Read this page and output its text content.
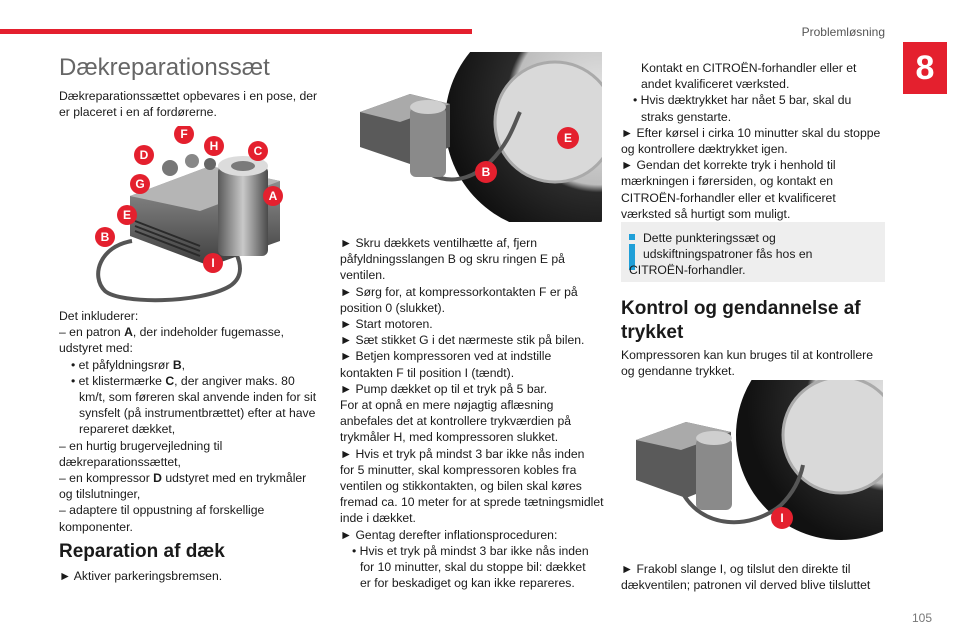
Problemløsning
8
Dækreparationssæt
Dækreparationssættet opbevares i en pose, der
er placeret i en af fordørerne.
F
D
H	C
G
A
E
B
I
Det inkluderer:
– en patron A, der indeholder fugemasse,
udstyret med:
• et påfyldningsrør B,
• et klistermærke C, der angiver maks. 80
km/t, som føreren skal anvende inden for sit
synsfelt (på instrumentbrættet) efter at have
repareret dækket,
– en hurtig brugervejledning til
dækreparationssættet,
– en kompressor D udstyret med en trykmåler
og tilslutninger,
– adaptere til oppustning af forskellige
komponenter.
Reparation af dæk
► Aktiver parkeringsbremsen.
E
B
► Skru dækkets ventilhætte af, fjern
påfyldningsslangen B og skru ringen E på
ventilen.
► Sørg for, at kompressorkontakten F er på
position 0 (slukket).
► Start motoren.
► Sæt stikket G i det nærmeste stik på bilen.
► Betjen kompressoren ved at indstille
kontakten F til position I (tændt).
► Pump dækket op til et tryk på 5 bar.
For at opnå en mere nøjagtig aflæsning
anbefales det at kontrollere trykværdien på
trykmåler H, med kompressoren slukket.
► Hvis et tryk på mindst 3 bar ikke nås inden
for 5 minutter, skal kompressoren kobles fra
ventilen og stikkontakten, og bilen skal køres
fremad ca. 10 meter for at sprede tætningsmidlet
inde i dækket.
► Gentag derefter inflationsproceduren:
• Hvis et tryk på mindst 3 bar ikke nås inden
for 10 minutter, skal du stoppe bil: dækket
er for beskadiget og kan ikke repareres.
Kontakt en CITROËN-forhandler eller et
andet kvalificeret værksted.
• Hvis dæktrykket har nået 5 bar, skal du
straks genstarte.
► Efter kørsel i cirka 10 minutter skal du stoppe
og kontrollere dæktrykket igen.
► Gendan det korrekte tryk i henhold til
mærkningen i førersiden, og kontakt en
CITROËN-forhandler eller et kvalificeret
værksted så hurtigt som muligt.
Dette punkteringssæt og
udskiftningspatroner fås hos en
CITROËN-forhandler.
Kontrol og gendannelse af
trykket
Kompressoren kan kun bruges til at kontrollere
og gendanne trykket.
I
► Frakobl slange I, og tilslut den direkte til
dækventilen; patronen vil derved blive tilsluttet
105
